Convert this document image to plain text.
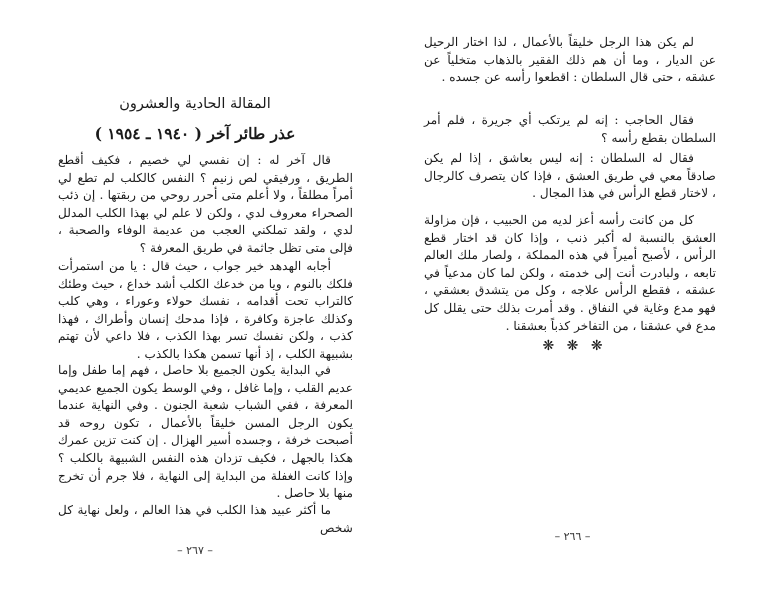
المقالة الحادية والعشرون
عذر طائر آخر ( ١٩٤٠ ـ ١٩٥٤ )

قال آخر له : إن نفسي لي خصيم ، فكيف أقطع الطريق ، ورفيقي لص زنيم ؟ النفس كالكلب لم تطع لي أمراً مطلقاً ، ولا أعلم متى أحرر روحي من ربقتها . إن ذئب الصحراء معروف لدي ، ولكن لا علم لي بهذا الكلب المدلل لدي ، ولقد تملكني العجب من عديمة الوفاء والصحبة ، فإلى متى تظل جاثمة في طريق المعرفة ؟

أجابه الهدهد خير جواب ، حيث قال : يا من استمرأت فلكك بالنوم ، ويا من خدعك الكلب أشد خداع ، حيث وطئك كالتراب تحت أقدامه ، نفسك حولاء وعوراء ، وهي كلب وكذلك عاجزة وكافرة ، فإذا مدحك إنسان وأطراك ، فهذا كذب ، ولكن نفسك تسر بهذا الكذب ، فلا داعي لأن تهتم بشبيهة الكلب ، إذ أنها تسمن هكذا بالكذب .

في البداية يكون الجميع بلا حاصل ، فهم إما طفل وإما عديم القلب ، وإما غافل ، وفي الوسط يكون الجميع عديمي المعرفة ، ففي الشباب شعبة الجنون . وفي النهاية عندما يكون الرجل المسن خليقاً بالأعمال ، تكون روحه قد أصبحت خرفة ، وجسده أسير الهزال . إن كنت تزين عمرك هكذا بالجهل ، فكيف تزدان هذه النفس الشبيهة بالكلب ؟ وإذا كانت الغفلة من البداية إلى النهاية ، فلا جرم أن تخرج منها بلا حاصل .

ما أكثر عبيد هذا الكلب في هذا العالم ، ولعل نهاية كل شخص

– ٢٦٧ –

لم يكن هذا الرجل خليقاً بالأعمال ، لذا اختار الرحيل عن الديار ، وما أن هم ذلك الفقير بالذهاب متخلياً عن عشقه ، حتى قال السلطان : اقطعوا رأسه عن جسده .

فقال الحاجب : إنه لم يرتكب أي جريرة ، فلم أمر السلطان بقطع رأسه ؟

فقال له السلطان : إنه ليس بعاشق ، إذا لم يكن صادقاً معي في طريق العشق ، فإذا كان يتصرف كالرجال ، لاختار قطع الرأس في هذا المجال .

كل من كانت رأسه أعز لديه من الحبيب ، فإن مزاولة العشق بالنسبة له أكبر ذنب ، وإذا كان قد اختار قطع الرأس ، لأصبح أميراً في هذه المملكة ، ولصار ملك العالم تابعه ، ولبادرت أنت إلى خدمته ، ولكن لما كان مدعياً في عشقه ، فقطع الرأس علاجه ، وكل من يتشدق بعشقي ، فهو مدع وغاية في النفاق . وقد أمرت بذلك حتى يقلل كل مدع في عشقنا ، من التفاخر كذباً بعشقنا .

❋ ❋ ❋
– ٢٦٦ –
